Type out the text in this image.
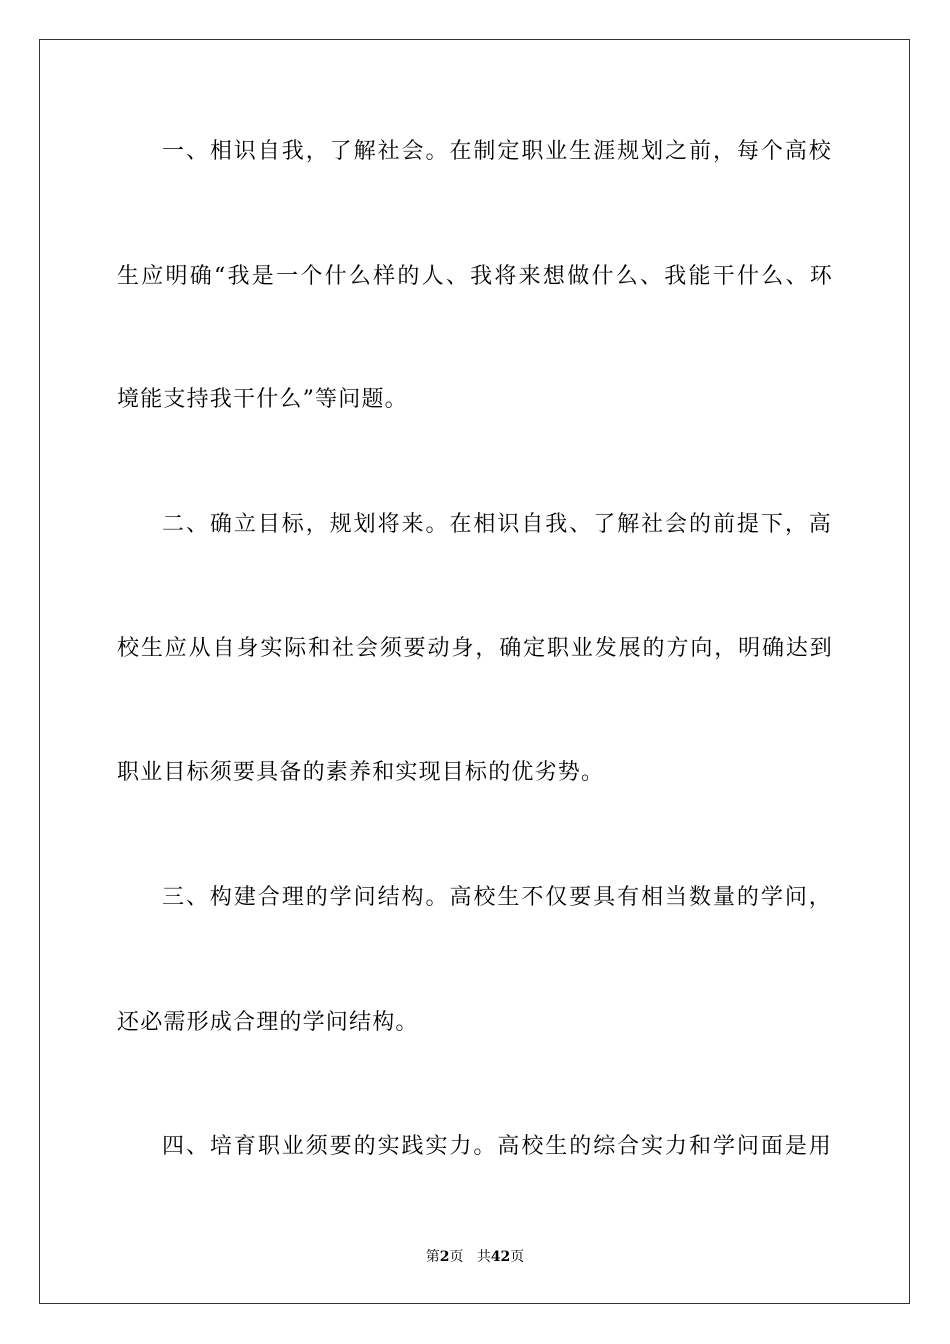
一、相识自我，了解社会。在制定职业生涯规划之前，每个高校
生应明确“我是一个什么样的人、我将来想做什么、我能干什么、环
境能支持我干什么”等问题。
二、确立目标，规划将来。在相识自我、了解社会的前提下，高
校生应从自身实际和社会须要动身，确定职业发展的方向，明确达到
职业目标须要具备的素养和实现目标的优劣势。
三、构建合理的学问结构。高校生不仅要具有相当数量的学问，
还必需形成合理的学问结构。
四、培育职业须要的实践实力。高校生的综合实力和学问面是用
第2页 共42页
